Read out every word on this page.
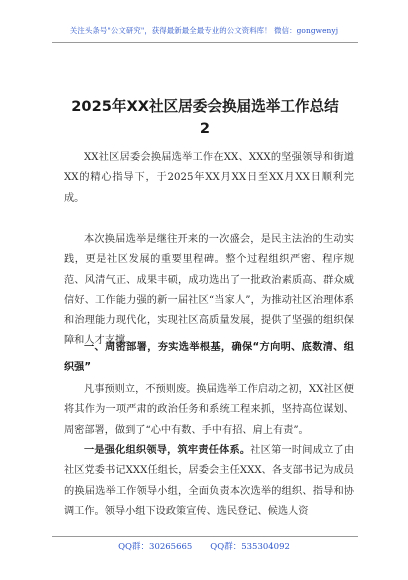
关注头条号"公文研究"，获得最新最全最专业的公文资料库！ 微信：gongwenyj
2025年XX社区居委会换届选举工作总结
2

XX社区居委会换届选举工作在XX、XXX的坚强领导和街道XX的精心指导下，于2025年XX月XX日至XX月XX日顺利完成。

本次换届选举是继往开来的一次盛会，是民主法治的生动实践，更是社区发展的重要里程碑。整个过程组织严密、程序规范、风清气正、成果丰硕，成功选出了一批政治素质高、群众威信好、工作能力强的新一届社区“当家人”，为推动社区治理体系和治理能力现代化，实现社区高质量发展，提供了坚强的组织保障和人才支撑。

一、周密部署，夯实选举根基，确保“方向明、底数清、组织强”

凡事预则立，不预则废。换届选举工作启动之初，XX社区便将其作为一项严肃的政治任务和系统工程来抓，坚持高位谋划、周密部署，做到了“心中有数、手中有招、肩上有责”。

一是强化组织领导，筑牢责任体系。社区第一时间成立了由社区党委书记XXX任组长，居委会主任XXX、各支部书记为成员的换届选举工作领导小组，全面负责本次选举的组织、指导和协调工作。领导小组下设政策宣传、选民登记、候选人资

QQ群：30265665 QQ群：535304092
